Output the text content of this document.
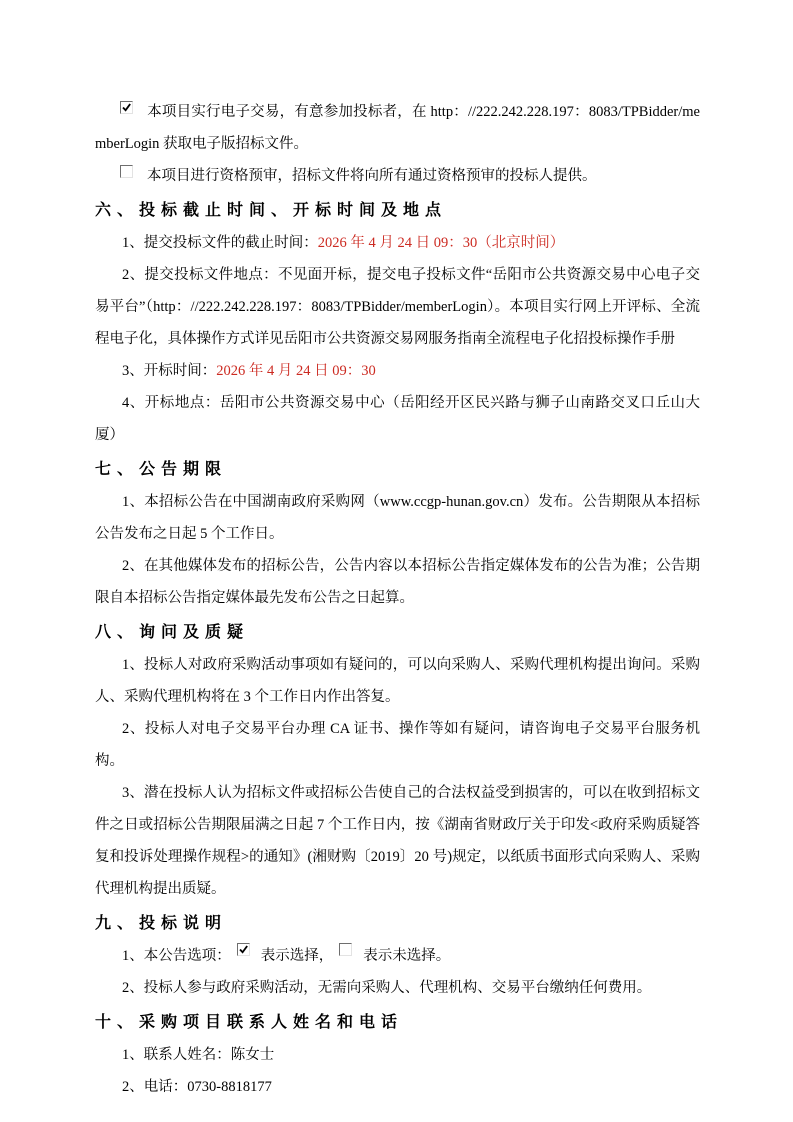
本项目实行电子交易，有意参加投标者，在 http：//222.242.228.197：8083/TPBidder/memberLogin 获取电子版招标文件。

本项目进行资格预审，招标文件将向所有通过资格预审的投标人提供。

六、投标截止时间、开标时间及地点

1、提交投标文件的截止时间：2026 年 4 月 24 日 09：30（北京时间）

2、提交投标文件地点：不见面开标，提交电子投标文件“岳阳市公共资源交易中心电子交易平台”（http：//222.242.228.197：8083/TPBidder/memberLogin）。本项目实行网上开评标、全流程电子化，具体操作方式详见岳阳市公共资源交易网服务指南全流程电子化招投标操作手册

3、开标时间：2026 年 4 月 24 日 09：30

4、开标地点：岳阳市公共资源交易中心（岳阳经开区民兴路与狮子山南路交叉口丘山大厦）

七、公告期限

1、本招标公告在中国湖南政府采购网（www.ccgp-hunan.gov.cn）发布。公告期限从本招标公告发布之日起 5 个工作日。

2、在其他媒体发布的招标公告，公告内容以本招标公告指定媒体发布的公告为准；公告期限自本招标公告指定媒体最先发布公告之日起算。

八、询问及质疑

1、投标人对政府采购活动事项如有疑问的，可以向采购人、采购代理机构提出询问。采购人、采购代理机构将在 3 个工作日内作出答复。

2、投标人对电子交易平台办理 CA 证书、操作等如有疑问，请咨询电子交易平台服务机构。

3、潜在投标人认为招标文件或招标公告使自己的合法权益受到损害的，可以在收到招标文件之日或招标公告期限届满之日起 7 个工作日内，按《湖南省财政厅关于印发<政府采购质疑答复和投诉处理操作规程>的通知》(湘财购〔2019〕20 号)规定，以纸质书面形式向采购人、采购代理机构提出质疑。

九、投标说明

1、本公告选项： 表示选择， 表示未选择。

2、投标人参与政府采购活动，无需向采购人、代理机构、交易平台缴纳任何费用。

十、采购项目联系人姓名和电话

1、联系人姓名：陈女士

2、电话：0730-8818177
